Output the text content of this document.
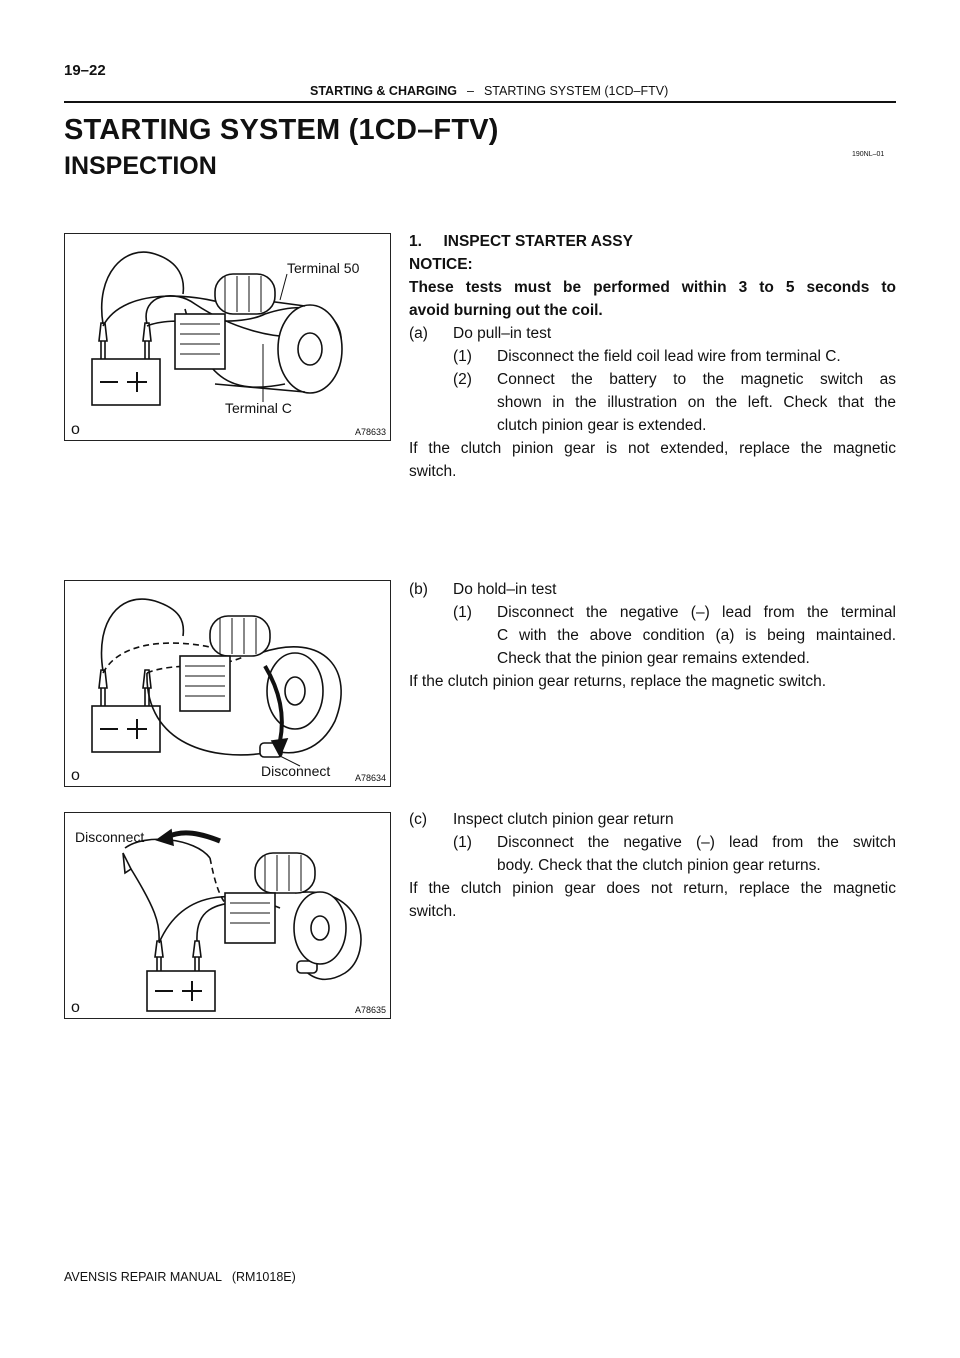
19–22
STARTING & CHARGING – STARTING SYSTEM (1CD–FTV)
STARTING SYSTEM (1CD–FTV)
INSPECTION	190NL–01
Terminal 50
Terminal C
o	A78633
Disconnect
o	A78634
Disconnect
o	A78635
1.     INSPECT STARTER ASSY
NOTICE:
These tests must be performed within 3 to 5 seconds to
avoid burning out the coil.
(a) Do pull–in test
(1)	Disconnect the field coil lead wire from terminal C.
(2)	Connect the battery to the magnetic switch as
shown in the illustration on the left. Check that the
clutch pinion gear is extended.
If the clutch pinion gear is not extended, replace the magnetic
switch.
(b) Do hold–in test
(1)	Disconnect the negative (–) lead from the terminal
C with the above condition (a) is being maintained.
Check that the pinion gear remains extended.
If the clutch pinion gear returns, replace the magnetic switch.
(c) Inspect clutch pinion gear return
(1)	Disconnect the negative (–) lead from the switch
body. Check that the clutch pinion gear returns.
If the clutch pinion gear does not return, replace the magnetic
switch.
AVENSIS REPAIR MANUAL   (RM1018E)
